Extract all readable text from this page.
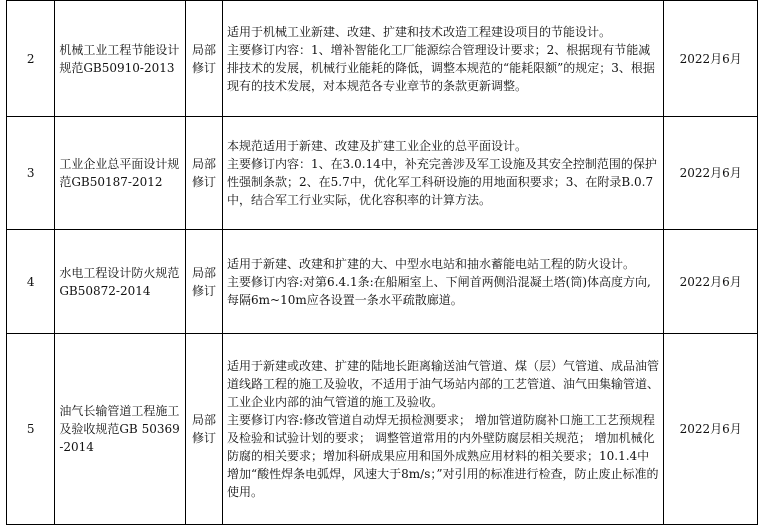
2	机械工业工程节能设计规范GB50910-2013	局部修订	适用于机械工业新建、改建、扩建和技术改造工程建设项目的节能设计。
主要修订内容：1、增补智能化工厂能源综合管理设计要求；2、根据现有节能减排技术的发展，机械行业能耗的降低，调整本规范的“能耗限额”的规定；3、根据现有的技术发展，对本规范各专业章节的条款更新调整。	2022月6月
3	工业企业总平面设计规范GB50187-2012	局部修订	本规范适用于新建、改建及扩建工业企业的总平面设计。
主要修订内容：1、在3.0.14中，补充完善涉及军工设施及其安全控制范围的保护性强制条款；2、在5.7中，优化军工科研设施的用地面积要求；3、在附录B.0.7中，结合军工行业实际，优化容积率的计算方法。	2022月6月
4	水电工程设计防火规范GB50872-2014	局部修订	适用于新建、改建和扩建的大、中型水电站和抽水蓄能电站工程的防火设计。
主要修订内容:对第6.4.1条:在船厢室上、下闸首两侧沿混凝土塔(筒)体高度方向,每隔6m~10m应各设置一条水平疏散廊道。	2022月6月
5	油气长输管道工程施工及验收规范GB 50369-2014	局部修订	适用于新建或改建、扩建的陆地长距离输送油气管道、煤（层）气管道、成品油管道线路工程的施工及验收，不适用于油气场站内部的工艺管道、油气田集输管道、工业企业内部的油气管道的施工及验收。
主要修订内容:修改管道自动焊无损检测要求； 增加管道防腐补口施工工艺预规程及检验和试验计划的要求； 调整管道常用的内外壁防腐层相关规范； 增加机械化防腐的相关要求；增加科研成果应用和国外成熟应用材料的相关要求；10.1.4中增加“酸性焊条电弧焊，风速大于8m/s；”对引用的标准进行检查，防止废止标准的使用。	2022月6月
